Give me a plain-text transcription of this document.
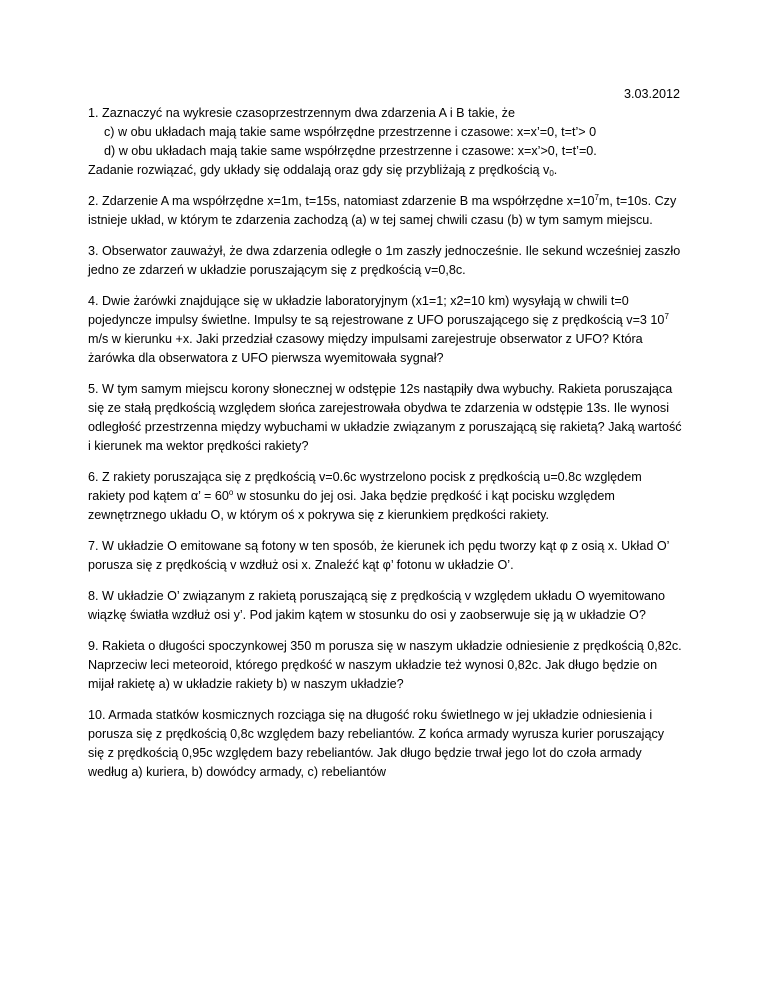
3.03.2012
1. Zaznaczyć na wykresie czasoprzestrzennym dwa zdarzenia A i B takie, że
c) w obu układach mają takie same współrzędne przestrzenne i czasowe: x=x’=0, t=t’> 0
d) w obu układach mają takie same współrzędne przestrzenne i czasowe: x=x’>0, t=t’=0.
Zadanie rozwiązać, gdy układy się oddalają oraz gdy się przybliżają z prędkością $v_0$.
2. Zdarzenie A ma współrzędne x=1m, t=15s, natomiast zdarzenie B ma współrzędne $x=10^7m$, t=10s. Czy istnieje układ, w którym te zdarzenia zachodzą (a) w tej samej chwili czasu (b) w tym samym miejscu.
3. Obserwator zauważył, że dwa zdarzenia odległe o 1m zaszły jednocześnie. Ile sekund wcześniej zaszło jedno ze zdarzeń w układzie poruszającym się z prędkością v=0,8c.
4. Dwie żarówki znajdujące się w układzie laboratoryjnym (x1=1; x2=10 km) wysyłają w chwili t=0 pojedyncze impulsy świetlne. Impulsy te są rejestrowane z UFO poruszającego się z prędkością v=3 $10^7$ m/s w kierunku +x. Jaki przedział czasowy między impulsami zarejestruje obserwator z UFO? Która żarówka dla obserwatora z UFO pierwsza wyemitowała sygnał?
5. W tym samym miejscu korony słonecznej w odstępie 12s nastąpiły dwa wybuchy. Rakieta poruszająca się ze stałą prędkością względem słońca zarejestrowała obydwa te zdarzenia w odstępie 13s. Ile wynosi odległość przestrzenna między wybuchami w układzie związanym z poruszającą się rakietą? Jaką wartość i kierunek ma wektor prędkości rakiety?
6. Z rakiety poruszająca się z prędkością v=0.6c wystrzelono pocisk z prędkością u=0.8c względem rakiety pod kątem α’ = $60^o$ w stosunku do jej osi. Jaka będzie prędkość i kąt pocisku względem zewnętrznego układu O, w którym oś x pokrywa się z kierunkiem prędkości rakiety.
7. W układzie O emitowane są fotony w ten sposób, że kierunek ich pędu tworzy kąt φ z osią x. Układ O’ porusza się z prędkością v wzdłuż osi x. Znaleźć kąt φ’ fotonu w układzie O’.
8. W układzie O’ związanym z rakietą poruszającą się z prędkością v względem układu O wyemitowano wiązkę światła wzdłuż osi y’. Pod jakim kątem w stosunku do osi y zaobserwuje się ją w układzie O?
9. Rakieta o długości spoczynkowej 350 m porusza się w naszym układzie odniesienie z prędkością 0,82c. Naprzeciw leci meteoroid, którego prędkość w naszym układzie też wynosi 0,82c. Jak długo będzie on mijał rakietę a) w układzie rakiety b) w naszym układzie?
10. Armada statków kosmicznych rozciąga się na długość roku świetlnego w jej układzie odniesienia i porusza się z prędkością 0,8c względem bazy rebeliantów. Z końca armady wyrusza kurier poruszający się z prędkością 0,95c względem bazy rebeliantów. Jak długo będzie trwał jego lot do czoła armady według a) kuriera, b) dowódcy armady, c) rebeliantów
